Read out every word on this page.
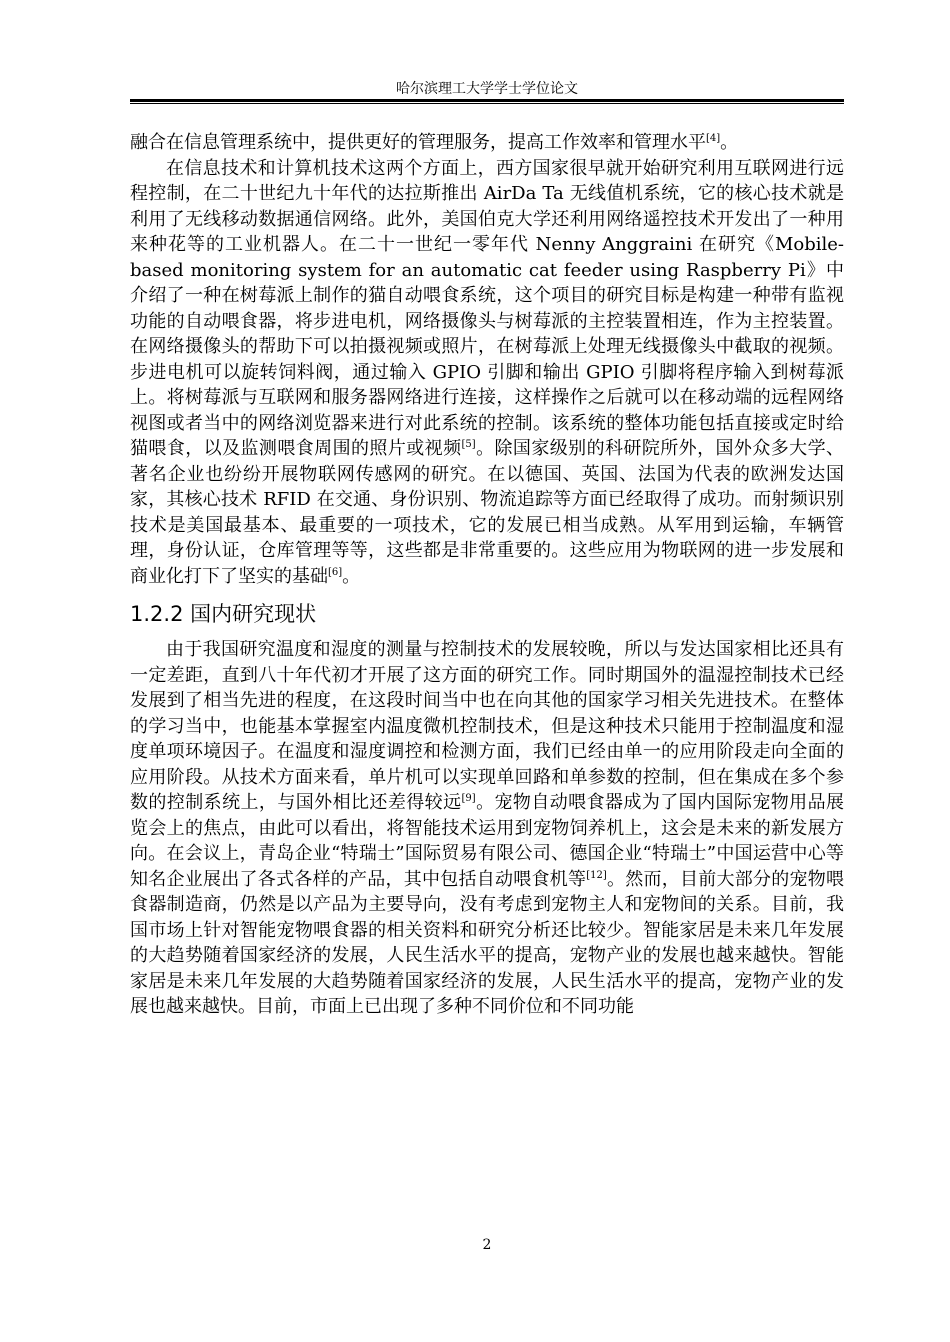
哈尔滨理工大学学士学位论文

融合在信息管理系统中，提供更好的管理服务，提高工作效率和管理水平[4]。

在信息技术和计算机技术这两个方面上，西方国家很早就开始研究利用互联网进行远程控制，在二十世纪九十年代的达拉斯推出 AirDa Ta 无线值机系统，它的核心技术就是利用了无线移动数据通信网络。此外，美国伯克大学还利用网络遥控技术开发出了一种用来种花等的工业机器人。在二十一世纪一零年代 Nenny Anggraini 在研究《Mobile-based monitoring system for an automatic cat feeder using Raspberry Pi》中介绍了一种在树莓派上制作的猫自动喂食系统，这个项目的研究目标是构建一种带有监视功能的自动喂食器，将步进电机，网络摄像头与树莓派的主控装置相连，作为主控装置。在网络摄像头的帮助下可以拍摄视频或照片，在树莓派上处理无线摄像头中截取的视频。步进电机可以旋转饲料阀，通过输入 GPIO 引脚和输出 GPIO 引脚将程序输入到树莓派上。将树莓派与互联网和服务器网络进行连接，这样操作之后就可以在移动端的远程网络视图或者当中的网络浏览器来进行对此系统的控制。该系统的整体功能包括直接或定时给猫喂食，以及监测喂食周围的照片或视频[5]。除国家级别的科研院所外，国外众多大学、著名企业也纷纷开展物联网传感网的研究。在以德国、英国、法国为代表的欧洲发达国家，其核心技术 RFID 在交通、身份识别、物流追踪等方面已经取得了成功。而射频识别技术是美国最基本、最重要的一项技术，它的发展已相当成熟。从军用到运输，车辆管理，身份认证，仓库管理等等，这些都是非常重要的。这些应用为物联网的进一步发展和商业化打下了坚实的基础[6]。

1.2.2 国内研究现状

由于我国研究温度和湿度的测量与控制技术的发展较晚，所以与发达国家相比还具有一定差距，直到八十年代初才开展了这方面的研究工作。同时期国外的温湿控制技术已经发展到了相当先进的程度，在这段时间当中也在向其他的国家学习相关先进技术。在整体的学习当中，也能基本掌握室内温度微机控制技术，但是这种技术只能用于控制温度和湿度单项环境因子。在温度和湿度调控和检测方面，我们已经由单一的应用阶段走向全面的应用阶段。从技术方面来看，单片机可以实现单回路和单参数的控制，但在集成在多个参数的控制系统上，与国外相比还差得较远[9]。宠物自动喂食器成为了国内国际宠物用品展览会上的焦点，由此可以看出，将智能技术运用到宠物饲养机上，这会是未来的新发展方向。在会议上，青岛企业“特瑞士”国际贸易有限公司、德国企业“特瑞士”中国运营中心等知名企业展出了各式各样的产品，其中包括自动喂食机等[12]。然而，目前大部分的宠物喂食器制造商，仍然是以产品为主要导向，没有考虑到宠物主人和宠物间的关系。目前，我国市场上针对智能宠物喂食器的相关资料和研究分析还比较少。智能家居是未来几年发展的大趋势随着国家经济的发展，人民生活水平的提高，宠物产业的发展也越来越快。智能家居是未来几年发展的大趋势随着国家经济的发展，人民生活水平的提高，宠物产业的发展也越来越快。目前，市面上已出现了多种不同价位和不同功能

2
